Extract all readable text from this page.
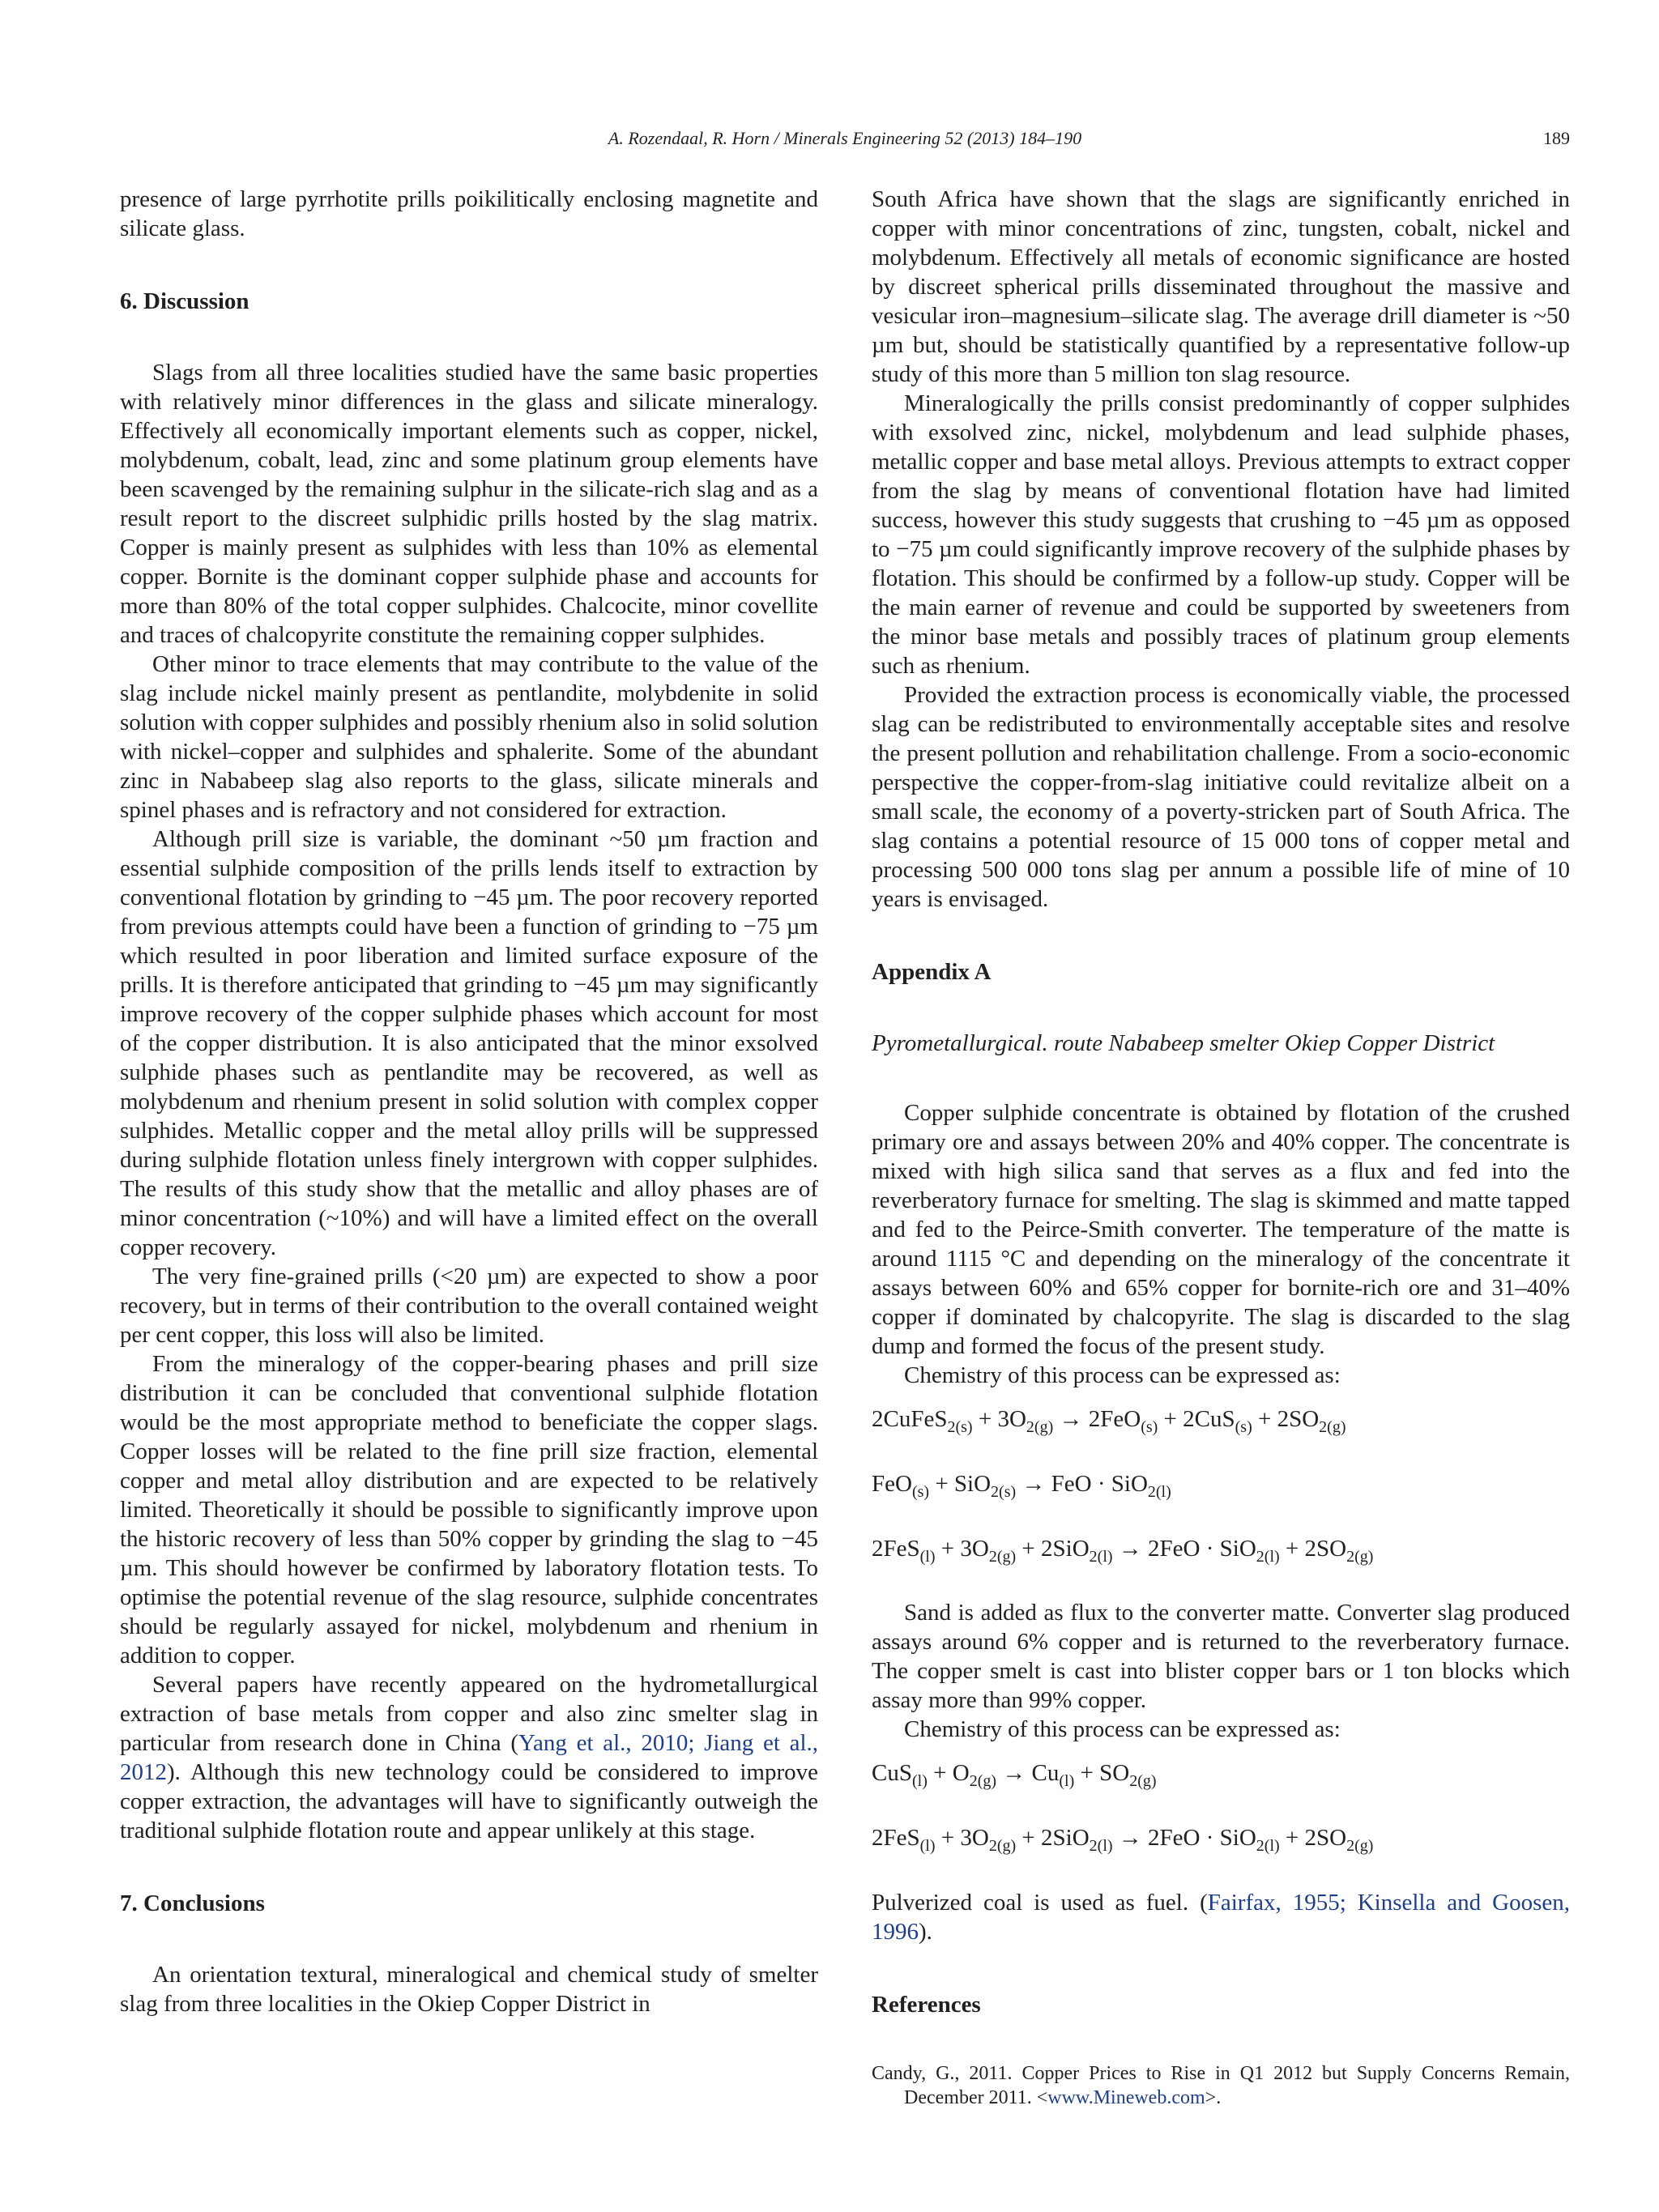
A. Rozendaal, R. Horn / Minerals Engineering 52 (2013) 184–190	189

presence of large pyrrhotite prills poikilitically enclosing magnetite and silicate glass.

6. Discussion

Slags from all three localities studied have the same basic properties with relatively minor differences in the glass and silicate mineralogy. Effectively all economically important elements such as copper, nickel, molybdenum, cobalt, lead, zinc and some platinum group elements have been scavenged by the remaining sulphur in the silicate-rich slag and as a result report to the discreet sulphidic prills hosted by the slag matrix. Copper is mainly present as sulphides with less than 10% as elemental copper. Bornite is the dominant copper sulphide phase and accounts for more than 80% of the total copper sulphides. Chalcocite, minor covellite and traces of chalcopyrite constitute the remaining copper sulphides.

Other minor to trace elements that may contribute to the value of the slag include nickel mainly present as pentlandite, molybdenite in solid solution with copper sulphides and possibly rhenium also in solid solution with nickel–copper and sulphides and sphalerite. Some of the abundant zinc in Nababeep slag also reports to the glass, silicate minerals and spinel phases and is refractory and not considered for extraction.

Although prill size is variable, the dominant ~50 µm fraction and essential sulphide composition of the prills lends itself to extraction by conventional flotation by grinding to −45 µm. The poor recovery reported from previous attempts could have been a function of grinding to −75 µm which resulted in poor liberation and limited surface exposure of the prills. It is therefore anticipated that grinding to −45 µm may significantly improve recovery of the copper sulphide phases which account for most of the copper distribution. It is also anticipated that the minor exsolved sulphide phases such as pentlandite may be recovered, as well as molybdenum and rhenium present in solid solution with complex copper sulphides. Metallic copper and the metal alloy prills will be suppressed during sulphide flotation unless finely intergrown with copper sulphides. The results of this study show that the metallic and alloy phases are of minor concentration (~10%) and will have a limited effect on the overall copper recovery.

The very fine-grained prills (<20 µm) are expected to show a poor recovery, but in terms of their contribution to the overall contained weight per cent copper, this loss will also be limited.

From the mineralogy of the copper-bearing phases and prill size distribution it can be concluded that conventional sulphide flotation would be the most appropriate method to beneficiate the copper slags. Copper losses will be related to the fine prill size fraction, elemental copper and metal alloy distribution and are expected to be relatively limited. Theoretically it should be possible to significantly improve upon the historic recovery of less than 50% copper by grinding the slag to −45 µm. This should however be confirmed by laboratory flotation tests. To optimise the potential revenue of the slag resource, sulphide concentrates should be regularly assayed for nickel, molybdenum and rhenium in addition to copper.

Several papers have recently appeared on the hydrometallurgical extraction of base metals from copper and also zinc smelter slag in particular from research done in China (Yang et al., 2010; Jiang et al., 2012). Although this new technology could be considered to improve copper extraction, the advantages will have to significantly outweigh the traditional sulphide flotation route and appear unlikely at this stage.

7. Conclusions

An orientation textural, mineralogical and chemical study of smelter slag from three localities in the Okiep Copper District in

South Africa have shown that the slags are significantly enriched in copper with minor concentrations of zinc, tungsten, cobalt, nickel and molybdenum. Effectively all metals of economic significance are hosted by discreet spherical prills disseminated throughout the massive and vesicular iron–magnesium–silicate slag. The average drill diameter is ~50 µm but, should be statistically quantified by a representative follow-up study of this more than 5 million ton slag resource.

Mineralogically the prills consist predominantly of copper sulphides with exsolved zinc, nickel, molybdenum and lead sulphide phases, metallic copper and base metal alloys. Previous attempts to extract copper from the slag by means of conventional flotation have had limited success, however this study suggests that crushing to −45 µm as opposed to −75 µm could significantly improve recovery of the sulphide phases by flotation. This should be confirmed by a follow-up study. Copper will be the main earner of revenue and could be supported by sweeteners from the minor base metals and possibly traces of platinum group elements such as rhenium.

Provided the extraction process is economically viable, the processed slag can be redistributed to environmentally acceptable sites and resolve the present pollution and rehabilitation challenge. From a socio-economic perspective the copper-from-slag initiative could revitalize albeit on a small scale, the economy of a poverty-stricken part of South Africa. The slag contains a potential resource of 15 000 tons of copper metal and processing 500 000 tons slag per annum a possible life of mine of 10 years is envisaged.

Appendix A
Pyrometallurgical. route Nababeep smelter Okiep Copper District

Copper sulphide concentrate is obtained by flotation of the crushed primary ore and assays between 20% and 40% copper. The concentrate is mixed with high silica sand that serves as a flux and fed into the reverberatory furnace for smelting. The slag is skimmed and matte tapped and fed to the Peirce-Smith converter. The temperature of the matte is around 1115 °C and depending on the mineralogy of the concentrate it assays between 60% and 65% copper for bornite-rich ore and 31–40% copper if dominated by chalcopyrite. The slag is discarded to the slag dump and formed the focus of the present study.

Chemistry of this process can be expressed as:

2CuFeS$_{2(s)}$ + $3O_{2(g)} \to 2FeO_{(s)} + 2CuS_{(s)} + 2SO_{2(g)}$
FeO$_{(s)}$ + SiO$_{2(s)}$ → FeO · SiO$_{2(l)}$
$2FeS_{(l)} + 3O_{2(g)} + 2SiO_{2(l)} \to 2FeO \cdot SiO_{2(l)} + 2SO_{2(g)}$

Sand is added as flux to the converter matte. Converter slag produced assays around 6% copper and is returned to the reverberatory furnace. The copper smelt is cast into blister copper bars or 1 ton blocks which assay more than 99% copper.

Chemistry of this process can be expressed as:

$CuS_{(l)} + O_{2(g)} \to Cu_{(l)} + SO_{2(g)}$
$2FeS_{(l)} + 3O_{2(g)} + 2SiO_{2(l)} \to 2FeO \cdot SiO_{2(l)} + 2SO_{2(g)}$

Pulverized coal is used as fuel. (Fairfax, 1955; Kinsella and Goosen, 1996).

References

Candy, G., 2011. Copper Prices to Rise in Q1 2012 but Supply Concerns Remain, December 2011. <www.Mineweb.com>.
